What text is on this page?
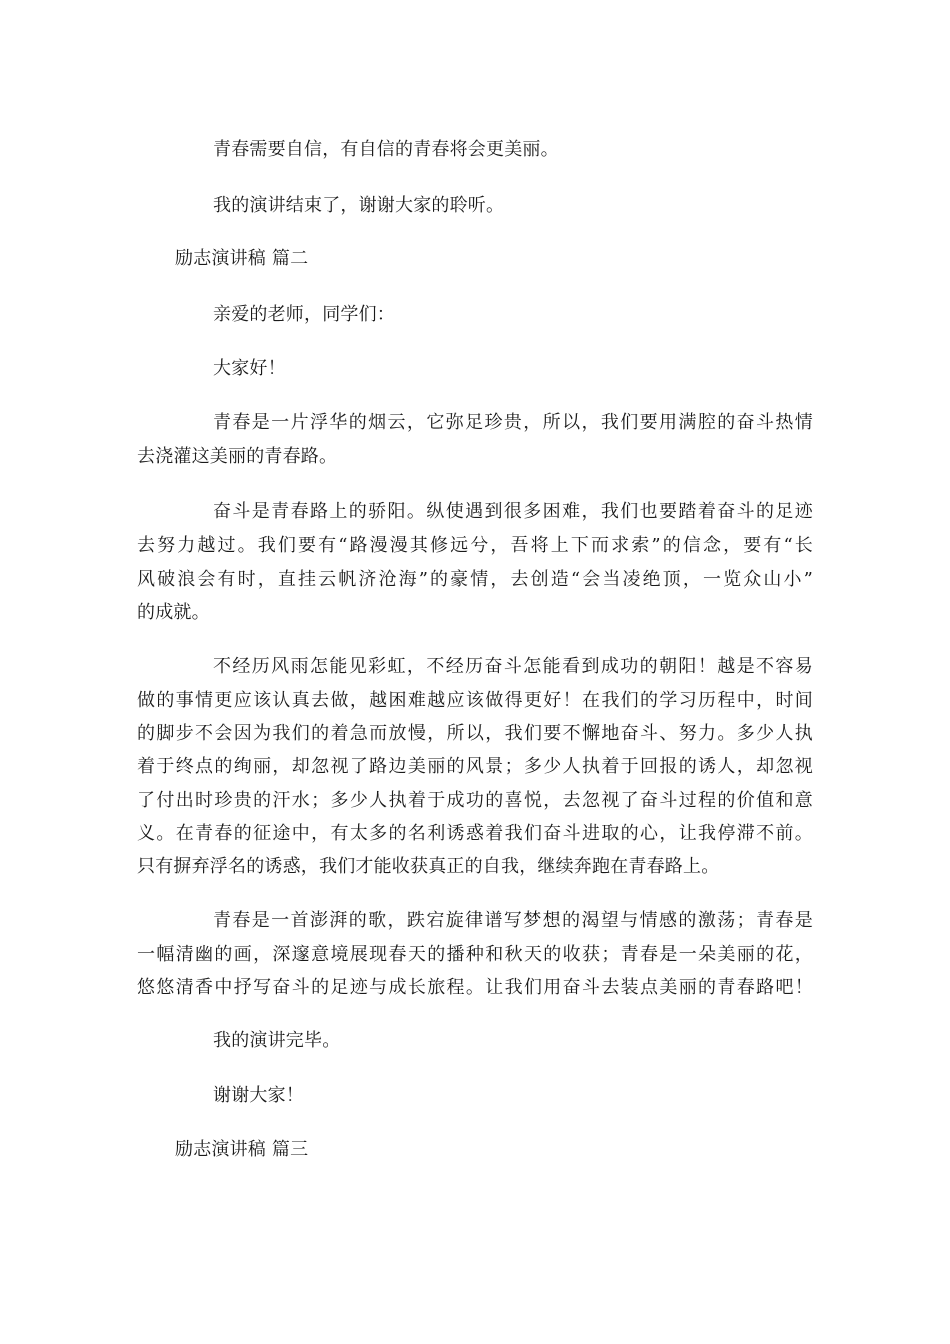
青春需要自信，有自信的青春将会更美丽。
我的演讲结束了，谢谢大家的聆听。
励志演讲稿 篇二
亲爱的老师，同学们：
大家好！
青春是一片浮华的烟云，它弥足珍贵，所以，我们要用满腔的奋斗热情
去浇灌这美丽的青春路。
奋斗是青春路上的骄阳。纵使遇到很多困难，我们也要踏着奋斗的足迹
去努力越过。我们要有“路漫漫其修远兮，吾将上下而求索”的信念，要有“长
风破浪会有时，直挂云帆济沧海”的豪情，去创造“会当凌绝顶，一览众山小”
的成就。
不经历风雨怎能见彩虹，不经历奋斗怎能看到成功的朝阳！越是不容易
做的事情更应该认真去做，越困难越应该做得更好！在我们的学习历程中，时间
的脚步不会因为我们的着急而放慢，所以，我们要不懈地奋斗、努力。多少人执
着于终点的绚丽，却忽视了路边美丽的风景；多少人执着于回报的诱人，却忽视
了付出时珍贵的汗水；多少人执着于成功的喜悦，去忽视了奋斗过程的价值和意
义。在青春的征途中，有太多的名利诱惑着我们奋斗进取的心，让我停滞不前。
只有摒弃浮名的诱惑，我们才能收获真正的自我，继续奔跑在青春路上。
青春是一首澎湃的歌，跌宕旋律谱写梦想的渴望与情感的激荡；青春是
一幅清幽的画，深邃意境展现春天的播种和秋天的收获；青春是一朵美丽的花，
悠悠清香中抒写奋斗的足迹与成长旅程。让我们用奋斗去装点美丽的青春路吧！
我的演讲完毕。
谢谢大家！
励志演讲稿 篇三
